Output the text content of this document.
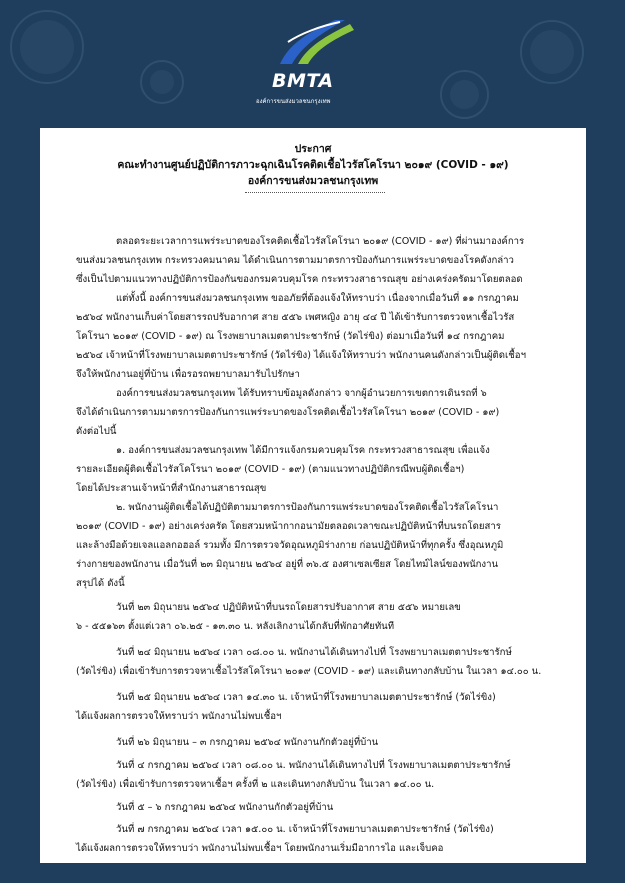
BMTA
องค์การขนส่งมวลชนกรุงเทพ
ประกาศ
คณะทำงานศูนย์ปฏิบัติการภาวะฉุกเฉินโรคติดเชื้อไวรัสโคโรนา ๒๐๑๙ (COVID - ๑๙)
องค์การขนส่งมวลชนกรุงเทพ
ตลอดระยะเวลาการแพร่ระบาดของโรคติดเชื้อไวรัสโคโรนา ๒๐๑๙ (COVID - ๑๙) ที่ผ่านมาองค์การ
ขนส่งมวลชนกรุงเทพ กระทรวงคมนาคม ได้ดำเนินการตามมาตรการป้องกันการแพร่ระบาดของโรคดังกล่าว
ซึ่งเป็นไปตามแนวทางปฏิบัติการป้องกันของกรมควบคุมโรค กระทรวงสาธารณสุข อย่างเคร่งครัดมาโดยตลอด
แต่ทั้งนี้ องค์การขนส่งมวลชนกรุงเทพ ขออภัยที่ต้องแจ้งให้ทราบว่า เนื่องจากเมื่อวันที่ ๑๑ กรกฎาคม
๒๕๖๔ พนักงานเก็บค่าโดยสารรถปรับอากาศ สาย ๕๕๖ เพศหญิง อายุ ๔๔ ปี ได้เข้ารับการตรวจหาเชื้อไวรัส
โคโรนา ๒๐๑๙ (COVID - ๑๙) ณ โรงพยาบาลเมตตาประชารักษ์ (วัดไร่ขิง) ต่อมาเมื่อวันที่ ๑๔ กรกฎาคม
๒๕๖๔ เจ้าหน้าที่โรงพยาบาลเมตตาประชารักษ์ (วัดไร่ขิง) ได้แจ้งให้ทราบว่า พนักงานคนดังกล่าวเป็นผู้ติดเชื้อฯ
จึงให้พนักงานอยู่ที่บ้าน เพื่อรอรถพยาบาลมารับไปรักษา
องค์การขนส่งมวลชนกรุงเทพ ได้รับทราบข้อมูลดังกล่าว จากผู้อำนวยการเขตการเดินรถที่ ๖
จึงได้ดำเนินการตามมาตรการป้องกันการแพร่ระบาดของโรคติดเชื้อไวรัสโคโรนา ๒๐๑๙ (COVID - ๑๙)
ดังต่อไปนี้
๑. องค์การขนส่งมวลชนกรุงเทพ ได้มีการแจ้งกรมควบคุมโรค กระทรวงสาธารณสุข เพื่อแจ้ง
รายละเอียดผู้ติดเชื้อไวรัสโคโรนา ๒๐๑๙ (COVID - ๑๙) (ตามแนวทางปฏิบัติกรณีพบผู้ติดเชื้อฯ)
โดยได้ประสานเจ้าหน้าที่สำนักงานสาธารณสุข
๒. พนักงานผู้ติดเชื้อได้ปฏิบัติตามมาตรการป้องกันการแพร่ระบาดของโรคติดเชื้อไวรัสโคโรนา
๒๐๑๙ (COVID - ๑๙) อย่างเคร่งครัด โดยสวมหน้ากากอนามัยตลอดเวลาขณะปฏิบัติหน้าที่บนรถโดยสาร
และล้างมือด้วยเจลแอลกอฮอล์ รวมทั้ง มีการตรวจวัดอุณหภูมิร่างกาย ก่อนปฏิบัติหน้าที่ทุกครั้ง ซึ่งอุณหภูมิ
ร่างกายของพนักงาน เมื่อวันที่ ๒๓ มิถุนายน ๒๕๖๔ อยู่ที่ ๓๖.๕ องศาเซลเซียส โดยไทม์ไลน์ของพนักงาน
สรุปได้ ดังนี้
วันที่ ๒๓ มิถุนายน ๒๕๖๔ ปฏิบัติหน้าที่บนรถโดยสารปรับอากาศ สาย ๕๕๖ หมายเลข
๖ - ๕๕๑๖๓ ตั้งแต่เวลา ๐๖.๒๕ - ๑๓.๓๐ น. หลังเลิกงานได้กลับที่พักอาศัยทันที
วันที่ ๒๔ มิถุนายน ๒๕๖๔ เวลา ๐๘.๐๐ น. พนักงานได้เดินทางไปที่ โรงพยาบาลเมตตาประชารักษ์
(วัดไร่ขิง) เพื่อเข้ารับการตรวจหาเชื้อไวรัสโคโรนา ๒๐๑๙ (COVID - ๑๙) และเดินทางกลับบ้าน ในเวลา ๑๔.๐๐ น.
วันที่ ๒๕ มิถุนายน ๒๕๖๔ เวลา ๑๔.๓๐ น. เจ้าหน้าที่โรงพยาบาลเมตตาประชารักษ์ (วัดไร่ขิง)
ได้แจ้งผลการตรวจให้ทราบว่า พนักงานไม่พบเชื้อฯ
วันที่ ๒๖ มิถุนายน – ๓ กรกฎาคม ๒๕๖๔ พนักงานกักตัวอยู่ที่บ้าน
วันที่ ๔ กรกฎาคม ๒๕๖๔ เวลา ๐๘.๐๐ น. พนักงานได้เดินทางไปที่ โรงพยาบาลเมตตาประชารักษ์
(วัดไร่ขิง) เพื่อเข้ารับการตรวจหาเชื้อฯ ครั้งที่ ๒ และเดินทางกลับบ้าน ในเวลา ๑๔.๐๐ น.
วันที่ ๕ – ๖ กรกฎาคม ๒๕๖๔ พนักงานกักตัวอยู่ที่บ้าน
วันที่ ๗ กรกฎาคม ๒๕๖๔ เวลา ๑๕.๐๐ น. เจ้าหน้าที่โรงพยาบาลเมตตาประชารักษ์ (วัดไร่ขิง)
ได้แจ้งผลการตรวจให้ทราบว่า พนักงานไม่พบเชื้อฯ โดยพนักงานเริ่มมีอาการไอ และเจ็บคอ
